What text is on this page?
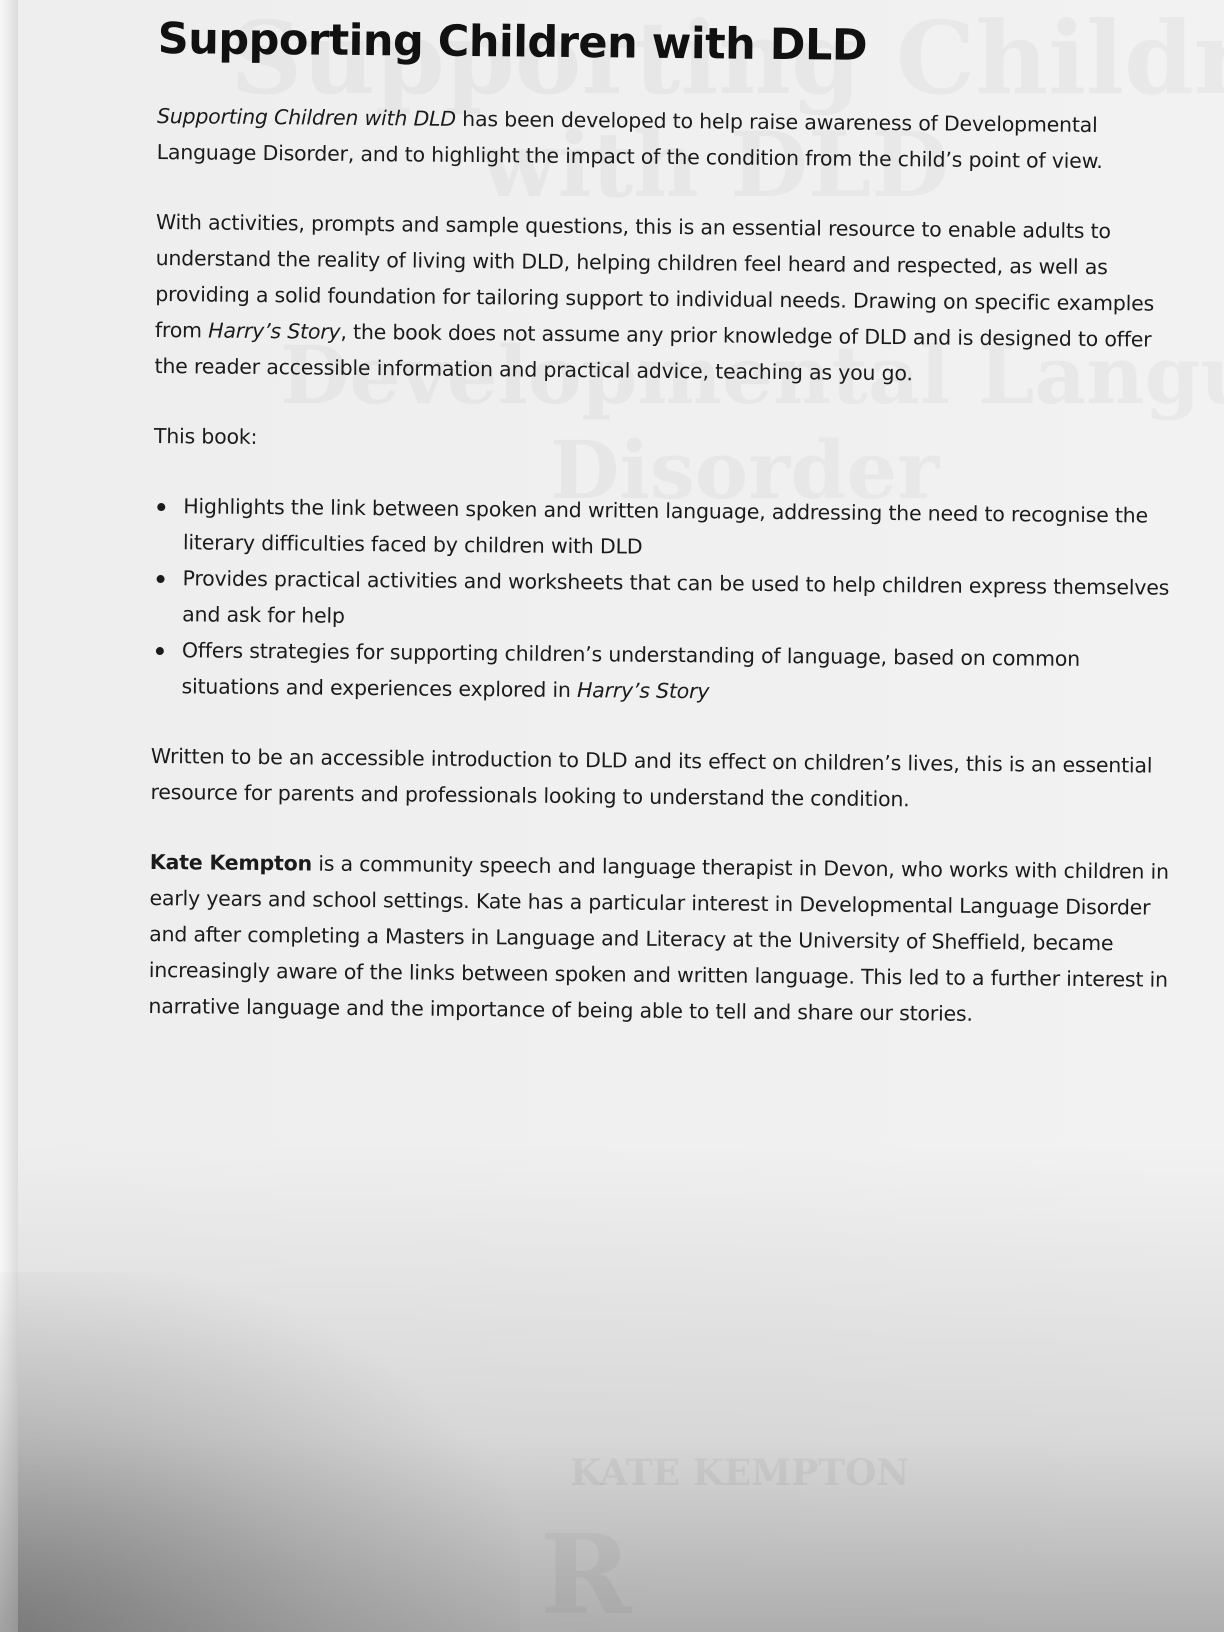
KATE KEMPTON
Supporting Children with DLD

Supporting Children with DLD has been developed to help raise awareness of Developmental Language Disorder, and to highlight the impact of the condition from the child’s point of view.

With activities, prompts and sample questions, this is an essential resource to enable adults to understand the reality of living with DLD, helping children feel heard and respected, as well as providing a solid foundation for tailoring support to individual needs. Drawing on specific examples from Harry’s Story, the book does not assume any prior knowledge of DLD and is designed to offer the reader accessible information and practical advice, teaching as you go.

This book:

Highlights the link between spoken and written language, addressing the need to recognise the literary difficulties faced by children with DLD
Provides practical activities and worksheets that can be used to help children express themselves and ask for help
Offers strategies for supporting children’s understanding of language, based on common situations and experiences explored in Harry’s Story

Written to be an accessible introduction to DLD and its effect on children’s lives, this is an essential resource for parents and professionals looking to understand the condition.

Kate Kempton is a community speech and language therapist in Devon, who works with children in early years and school settings. Kate has a particular interest in Developmental Language Disorder and after completing a Masters in Language and Literacy at the University of Sheffield, became increasingly aware of the links between spoken and written language. This led to a further interest in narrative language and the importance of being able to tell and share our stories.
